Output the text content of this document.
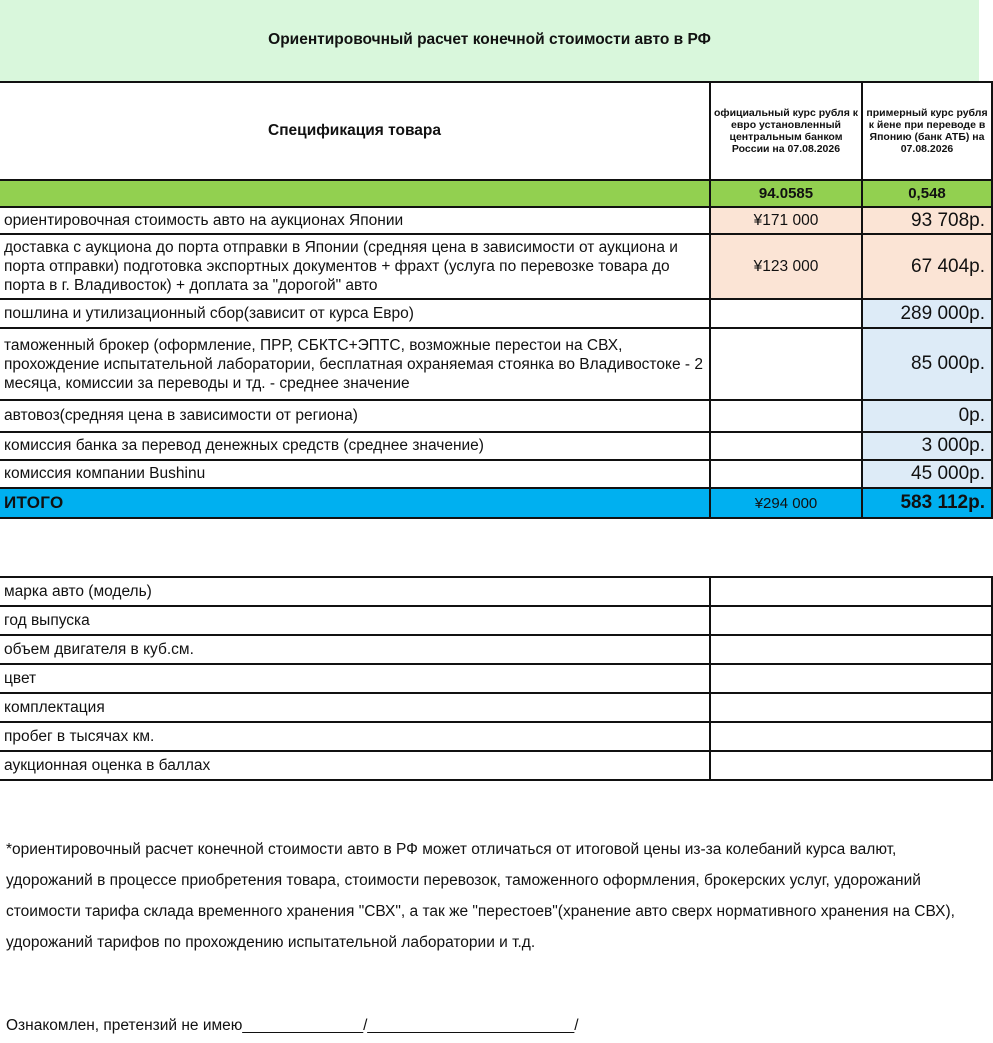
Ориентировочный расчет конечной стоимости авто в РФ
Спецификация товара	официальный курс рубля к евро установленный центральным банком России на 07.08.2026	примерный курс рубля к йене при переводе в Японию (банк АТБ) на 07.08.2026
	94.0585	0,548
ориентировочная стоимость авто на аукционах Японии	¥171 000	93 708р.
доставка с аукциона до порта отправки в Японии (средняя цена в зависимости от аукциона и порта отправки) подготовка экспортных документов + фрахт (услуга по перевозке товара до порта в г. Владивосток) + доплата за "дорогой" авто	¥123 000	67 404р.
пошлина и утилизационный сбор(зависит от курса Евро)		289 000р.
таможенный брокер (оформление, ПРР, СБКТС+ЭПТС, возможные перестои на СВХ, прохождение испытательной лаборатории, бесплатная охраняемая стоянка во Владивостоке - 2 месяца, комиссии за переводы и тд. - среднее значение		85 000р.
автовоз(средняя цена в зависимости от региона)		0р.
комиссия банка за перевод денежных средств (среднее значение)		3 000р.
комиссия компании Bushinu		45 000р.
ИТОГО	¥294 000	583 112р.
марка авто (модель)	
год выпуска	
объем двигателя в куб.см.	
цвет	
комплектация	
пробег в тысячах км.	
аукционная оценка в баллах	
*ориентировочный расчет конечной стоимости авто в РФ может отличаться от итоговой цены из-за колебаний курса валют, удорожаний в процессе приобретения товара, стоимости перевозок, таможенного оформления, брокерских услуг, удорожаний стоимости тарифа склада временного хранения "СВХ", а так же "перестоев"(хранение авто сверх нормативного хранения на СВХ), удорожаний тарифов по прохождению испытательной лаборатории и т.д.
Ознакомлен, претензий не имею______________/________________________/
